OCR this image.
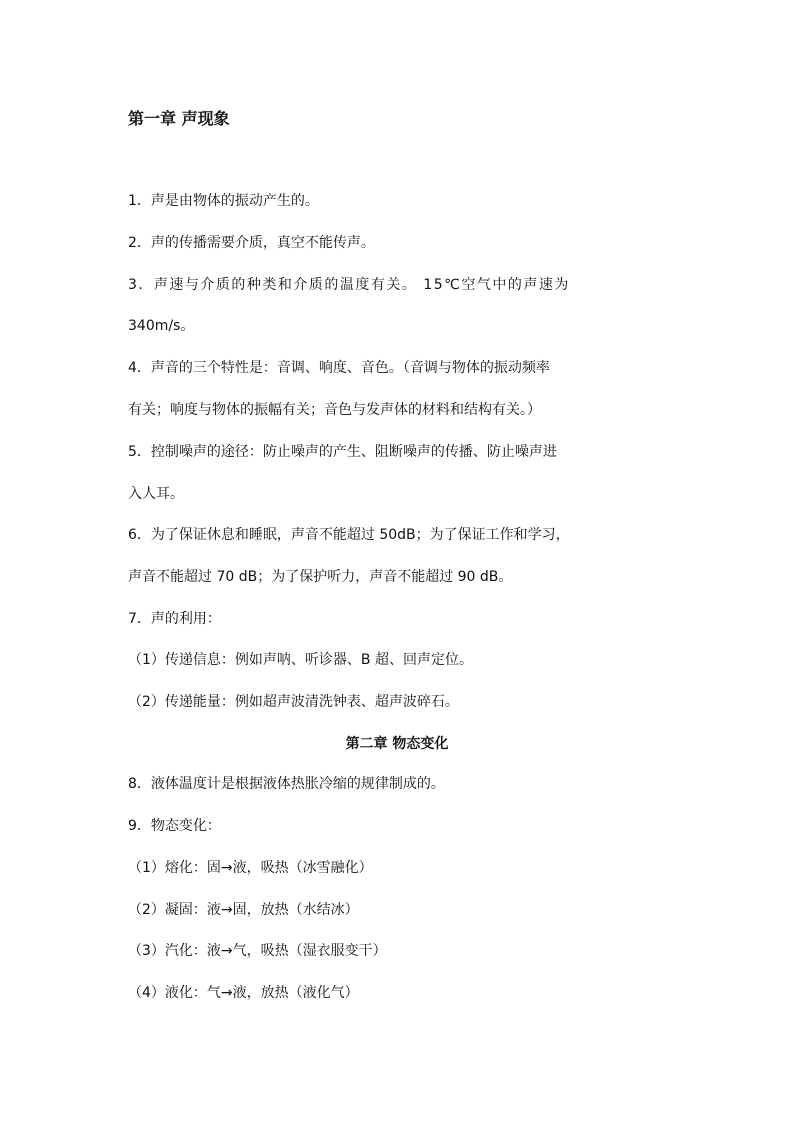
第一章 声现象
1．声是由物体的振动产生的。
2．声的传播需要介质，真空不能传声。
3．声速与介质的种类和介质的温度有关。 15℃空气中的声速为
340m/s。
4．声音的三个特性是：音调、响度、音色。（音调与物体的振动频率
有关；响度与物体的振幅有关；音色与发声体的材料和结构有关。）
5．控制噪声的途径：防止噪声的产生、阻断噪声的传播、防止噪声进
入人耳。
6．为了保证休息和睡眠，声音不能超过 50dB；为了保证工作和学习，
声音不能超过 70 dB；为了保护听力，声音不能超过 90 dB。
7．声的利用：
（1）传递信息：例如声呐、听诊器、B 超、回声定位。
（2）传递能量：例如超声波清洗钟表、超声波碎石。
第二章 物态变化
8．液体温度计是根据液体热胀冷缩的规律制成的。
9．物态变化：
（1）熔化：固→液，吸热（冰雪融化）
（2）凝固：液→固，放热（水结冰）
（3）汽化：液→气，吸热（湿衣服变干）
（4）液化：气→液，放热（液化气）
